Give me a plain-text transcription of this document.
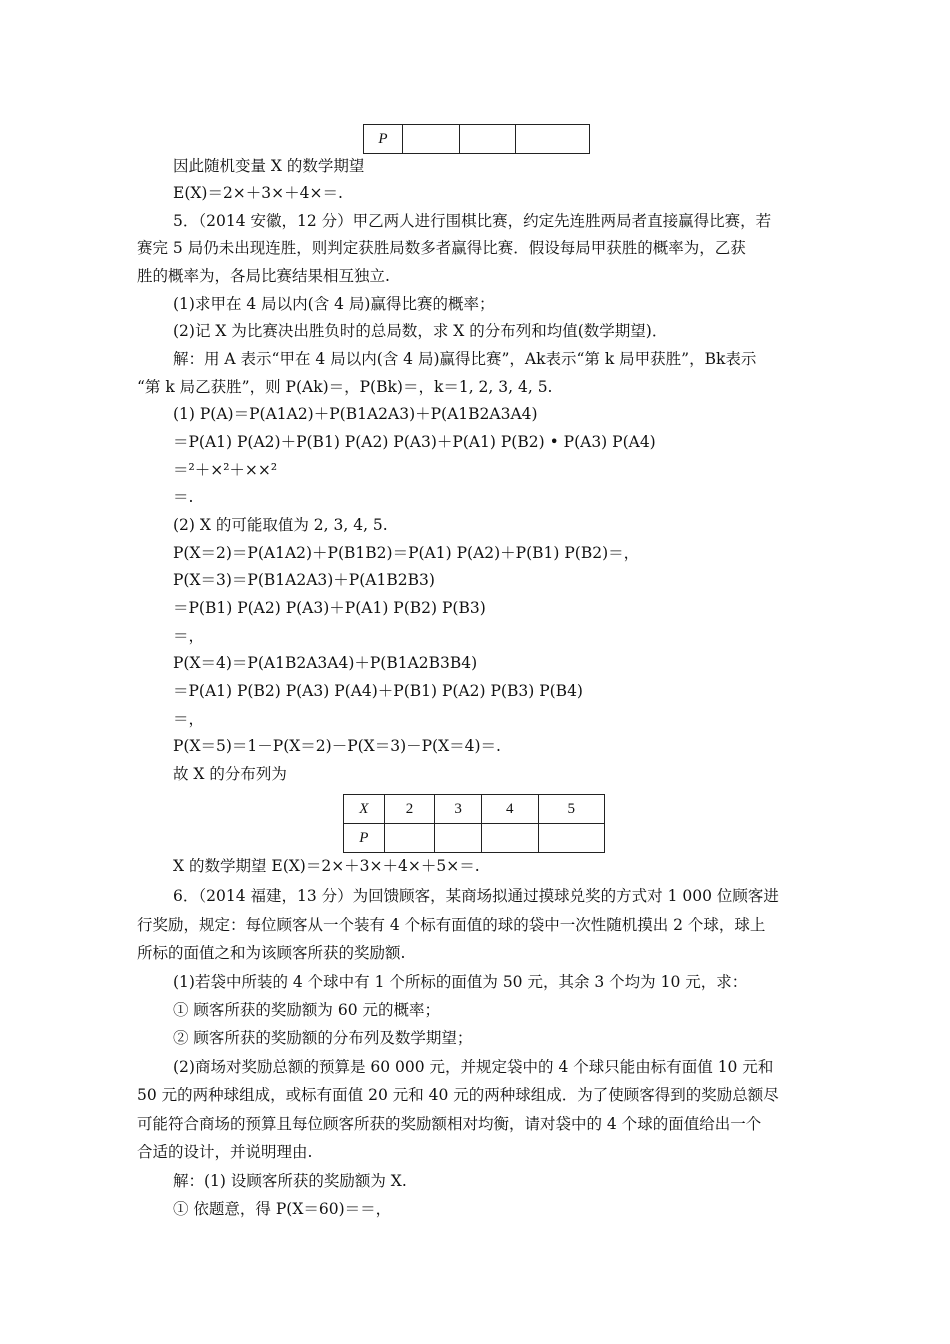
P			
因此随机变量 X 的数学期望
E(X)＝2×＋3×＋4×＝.
5．（2014 安徽，12 分）甲乙两人进行围棋比赛，约定先连胜两局者直接赢得比赛，若
赛完 5 局仍未出现连胜，则判定获胜局数多者赢得比赛．假设每局甲获胜的概率为，乙获
胜的概率为，各局比赛结果相互独立.
(1)求甲在 4 局以内(含 4 局)赢得比赛的概率；
(2)记 X 为比赛决出胜负时的总局数，求 X 的分布列和均值(数学期望)．
解：用 A 表示“甲在 4 局以内(含 4 局)赢得比赛”，Ak表示“第 k 局甲获胜”，Bk表示
“第 k 局乙获胜”，则 P(Ak)＝，P(Bk)＝，k＝1, 2, 3, 4, 5.
(1) P(A)＝P(A1A2)＋P(B1A2A3)＋P(A1B2A3A4)
＝P(A1) P(A2)＋P(B1) P(A2) P(A3)＋P(A1) P(B2) • P(A3) P(A4)
＝²＋×²＋××²
＝.
(2) X 的可能取值为 2, 3, 4, 5.
P(X＝2)＝P(A1A2)＋P(B1B2)＝P(A1) P(A2)＋P(B1) P(B2)＝，
P(X＝3)＝P(B1A2A3)＋P(A1B2B3)
＝P(B1) P(A2) P(A3)＋P(A1) P(B2) P(B3)
＝，
P(X＝4)＝P(A1B2A3A4)＋P(B1A2B3B4)
＝P(A1) P(B2) P(A3) P(A4)＋P(B1) P(A2) P(B3) P(B4)
＝，
P(X＝5)＝1－P(X＝2)－P(X＝3)－P(X＝4)＝.
故 X 的分布列为
X	2	3	4	5
P				
X 的数学期望 E(X)＝2×＋3×＋4×＋5×＝.
6．（2014 福建，13 分）为回馈顾客，某商场拟通过摸球兑奖的方式对 1 000 位顾客进
行奖励，规定：每位顾客从一个装有 4 个标有面值的球的袋中一次性随机摸出 2 个球，球上
所标的面值之和为该顾客所获的奖励额.
(1)若袋中所装的 4 个球中有 1 个所标的面值为 50 元，其余 3 个均为 10 元，求：
① 顾客所获的奖励额为 60 元的概率；
② 顾客所获的奖励额的分布列及数学期望；
(2)商场对奖励总额的预算是 60 000 元，并规定袋中的 4 个球只能由标有面值 10 元和
50 元的两种球组成，或标有面值 20 元和 40 元的两种球组成．为了使顾客得到的奖励总额尽
可能符合商场的预算且每位顾客所获的奖励额相对均衡，请对袋中的 4 个球的面值给出一个
合适的设计，并说明理由.
解：(1) 设顾客所获的奖励额为 X.
① 依题意，得 P(X＝60)＝＝，
